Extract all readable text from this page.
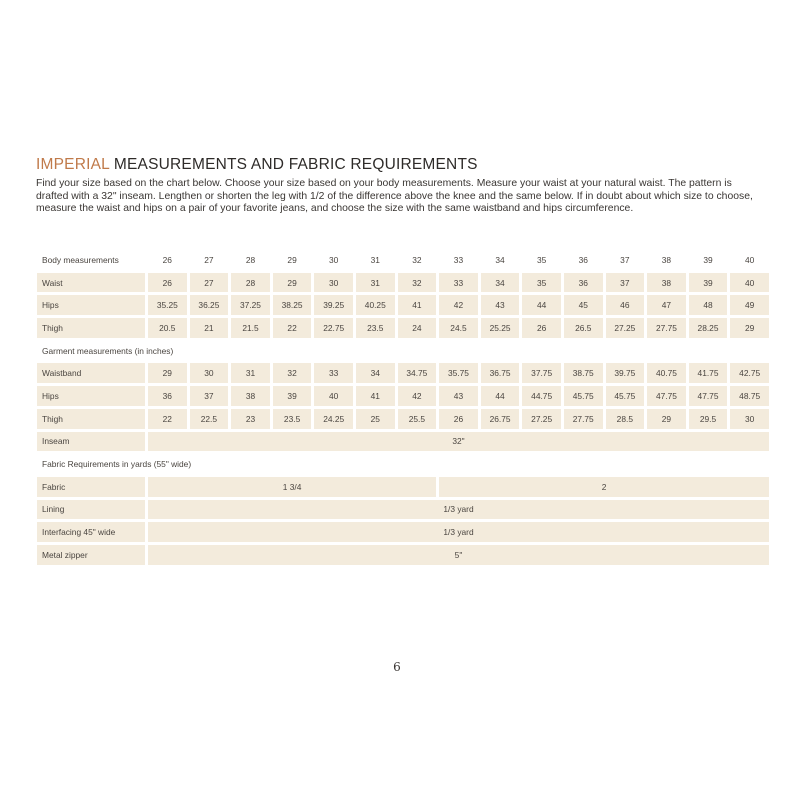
IMPERIAL MEASUREMENTS AND FABRIC REQUIREMENTS

Find your size based on the chart below. Choose your size based on your body measurements. Measure your waist at your natural waist. The pattern is drafted with a 32" inseam. Lengthen or shorten the leg with 1/2 of the difference above the knee and the same below. If in doubt about which size to choose, measure the waist and hips on a pair of your favorite jeans, and choose the size with the same waistband and hips circumference.

Body measurements	26	27	28	29	30	31	32	33	34	35	36	37	38	39	40
Waist	26	27	28	29	30	31	32	33	34	35	36	37	38	39	40
Hips	35.25	36.25	37.25	38.25	39.25	40.25	41	42	43	44	45	46	47	48	49
Thigh	20.5	21	21.5	22	22.75	23.5	24	24.5	25.25	26	26.5	27.25	27.75	28.25	29
Garment measurements (in inches)															
Waistband	29	30	31	32	33	34	34.75	35.75	36.75	37.75	38.75	39.75	40.75	41.75	42.75
Hips	36	37	38	39	40	41	42	43	44	44.75	45.75	45.75	47.75	47.75	48.75
Thigh	22	22.5	23	23.5	24.25	25	25.5	26	26.75	27.25	27.75	28.5	29	29.5	30
Inseam	32"														
Fabric Requirements in yards (55" wide)															
Fabric	1 3/4							2							
Lining	1/3 yard														
Interfacing 45" wide	1/3 yard														
Metal zipper	5"														
6
